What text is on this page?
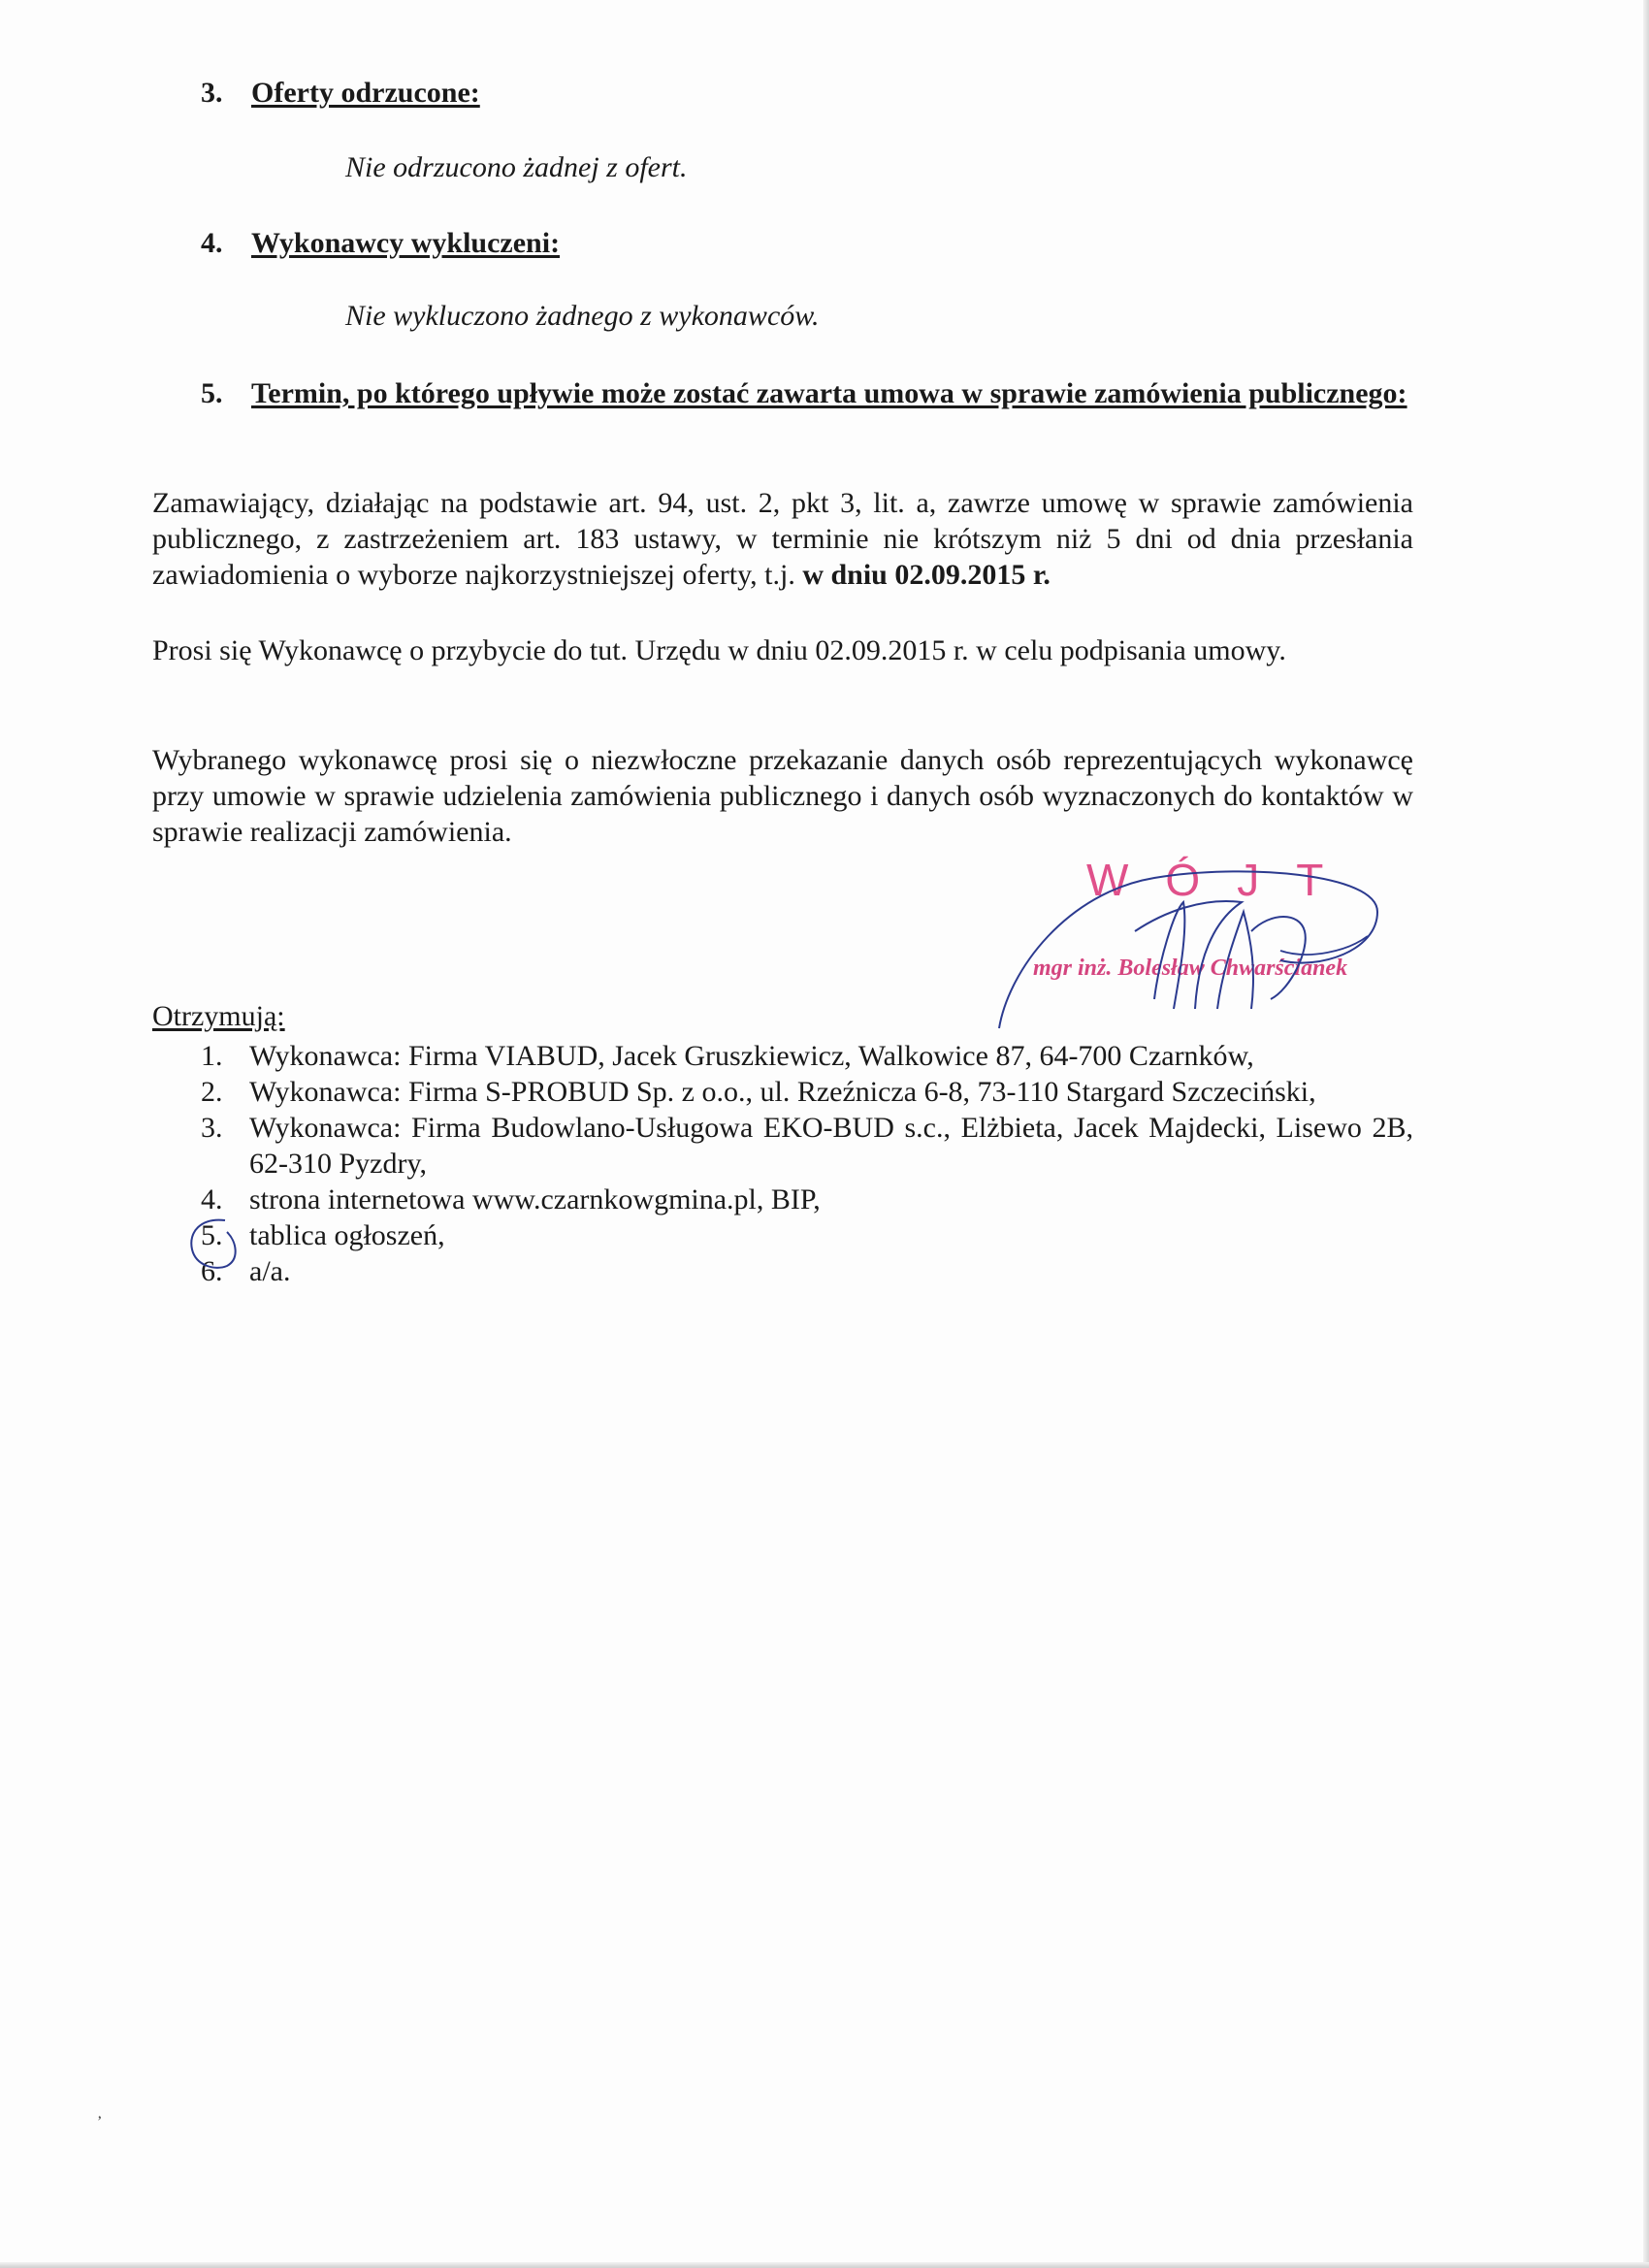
3. Oferty odrzucone:
Nie odrzucono żadnej z ofert.
4. Wykonawcy wykluczeni:
Nie wykluczono żadnego z wykonawców.
5. Termin, po którego upływie może zostać zawarta umowa w sprawie zamówienia publicznego:
Zamawiający, działając na podstawie art. 94, ust. 2, pkt 3, lit. a, zawrze umowę w sprawie zamówienia publicznego, z zastrzeżeniem art. 183 ustawy, w terminie nie krótszym niż 5 dni od dnia przesłania zawiadomienia o wyborze najkorzystniejszej oferty, t.j. w dniu 02.09.2015 r.
Prosi się Wykonawcę o przybycie do tut. Urzędu w dniu 02.09.2015 r. w celu podpisania umowy.
Wybranego wykonawcę prosi się o niezwłoczne przekazanie danych osób reprezentujących wykonawcę przy umowie w sprawie udzielenia zamówienia publicznego i danych osób wyznaczonych do kontaktów w sprawie realizacji zamówienia.
WÓJT
mgr inż. Bolesław Chwarścianek
Otrzymują:
1. Wykonawca: Firma VIABUD, Jacek Gruszkiewicz, Walkowice 87, 64-700 Czarnków,
2. Wykonawca: Firma S-PROBUD Sp. z o.o., ul. Rzeźnicza 6-8, 73-110 Stargard Szczeciński,
3. Wykonawca: Firma Budowlano-Usługowa EKO-BUD s.c., Elżbieta, Jacek Majdecki, Lisewo 2B, 62-310 Pyzdry,
4. strona internetowa www.czarnkowgmina.pl, BIP,
5. tablica ogłoszeń,
6. a/a.
‚
